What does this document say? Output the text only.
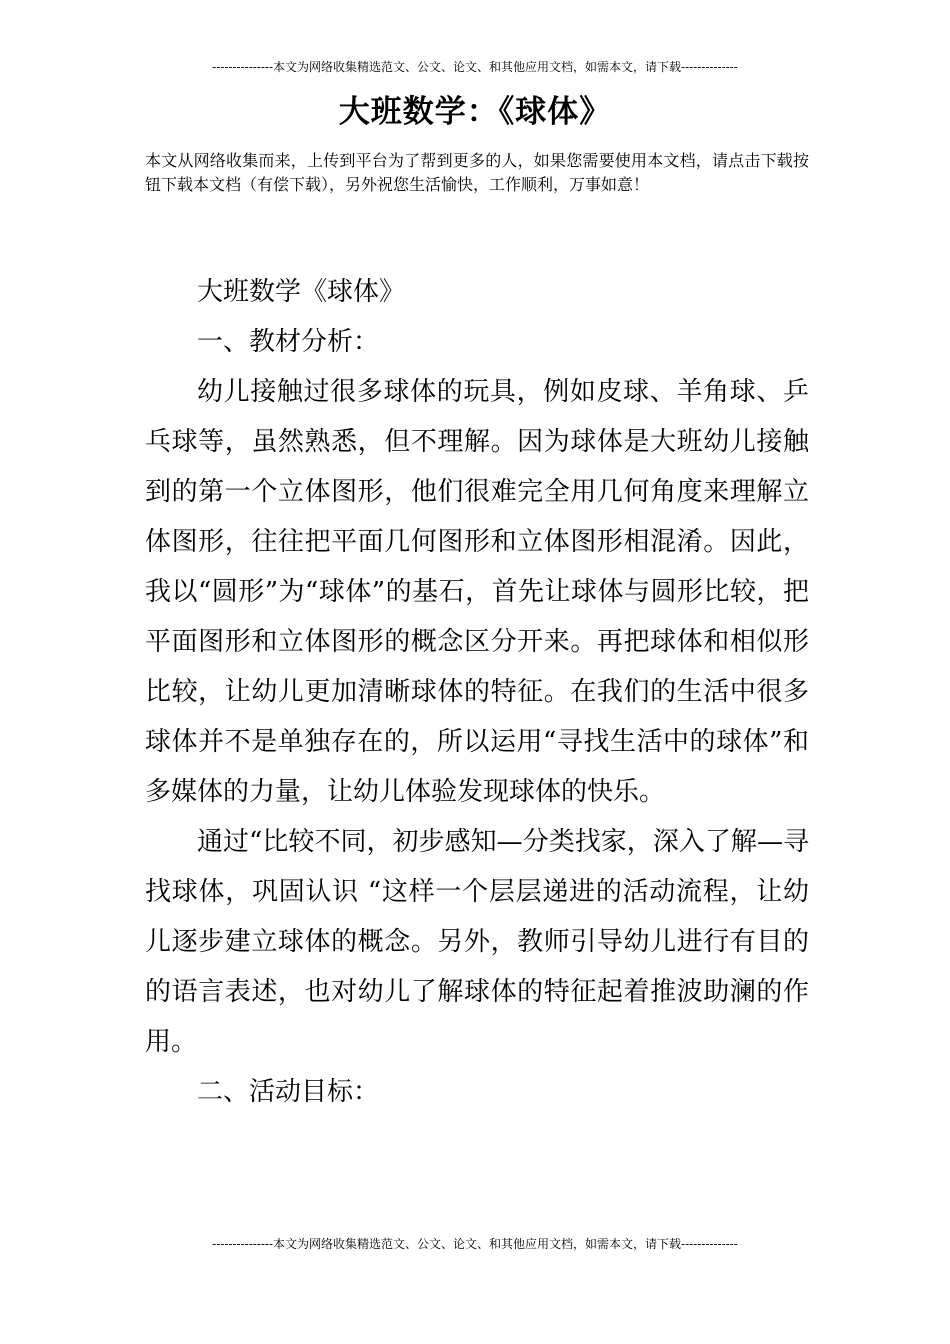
---------------本文为网络收集精选范文、公文、论文、和其他应用文档，如需本文，请下载--------------
大班数学：《球体》
本文从网络收集而来，上传到平台为了帮到更多的人，如果您需要使用本文档，请点击下载按钮下载本文档（有偿下载），另外祝您生活愉快，工作顺利，万事如意！

大班数学《球体》

一、教材分析：

幼儿接触过很多球体的玩具，例如皮球、羊角球、乒乓球等，虽然熟悉，但不理解。因为球体是大班幼儿接触到的第一个立体图形，他们很难完全用几何角度来理解立体图形，往往把平面几何图形和立体图形相混淆。因此，我以“圆形”为“球体”的基石，首先让球体与圆形比较，把平面图形和立体图形的概念区分开来。再把球体和相似形比较，让幼儿更加清晰球体的特征。在我们的生活中很多球体并不是单独存在的，所以运用“寻找生活中的球体”和多媒体的力量，让幼儿体验发现球体的快乐。

通过“比较不同，初步感知—分类找家，深入了解—寻找球体，巩固认识 “这样一个层层递进的活动流程，让幼儿逐步建立球体的概念。另外，教师引导幼儿进行有目的的语言表述，也对幼儿了解球体的特征起着推波助澜的作用。

二、活动目标：

---------------本文为网络收集精选范文、公文、论文、和其他应用文档，如需本文，请下载--------------
